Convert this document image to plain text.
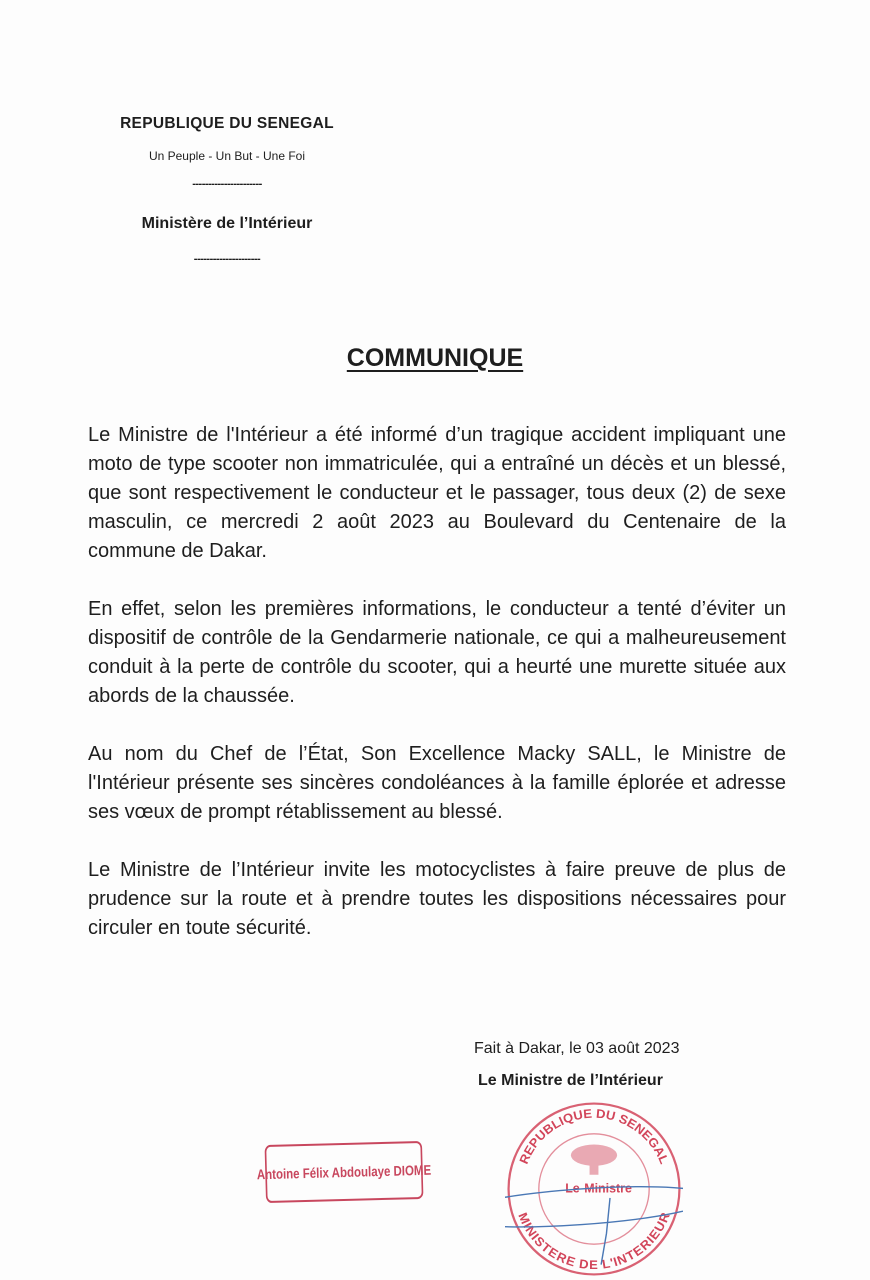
REPUBLIQUE DU SENEGAL
Un Peuple - Un But - Une Foi
----------------------
Ministère de l’Intérieur
---------------------
COMMUNIQUE

Le Ministre de l'Intérieur a été informé d’un tragique accident impliquant une moto de type scooter non immatriculée, qui a entraîné un décès et un blessé, que sont respectivement le conducteur et le passager, tous deux (2) de sexe masculin, ce mercredi 2 août 2023 au Boulevard du Centenaire de la commune de Dakar.

En effet, selon les premières informations, le conducteur a tenté d’éviter un dispositif de contrôle de la Gendarmerie nationale, ce qui a malheureusement conduit à la perte de contrôle du scooter, qui a heurté une murette située aux abords de la chaussée.

Au nom du Chef de l’État, Son Excellence Macky SALL, le Ministre de l'Intérieur présente ses sincères condoléances à la famille éplorée et adresse ses vœux de prompt rétablissement au blessé.

Le Ministre de l’Intérieur invite les motocyclistes à faire preuve de plus de prudence sur la route et à prendre toutes les dispositions nécessaires pour circuler en toute sécurité.

Fait à Dakar, le 03 août 2023
Le Ministre de l’Intérieur
Antoine Félix Abdoulaye DIOME
REPUBLIQUE DU SENEGAL
MINISTERE DE L'INTERIEUR
Le Ministre
